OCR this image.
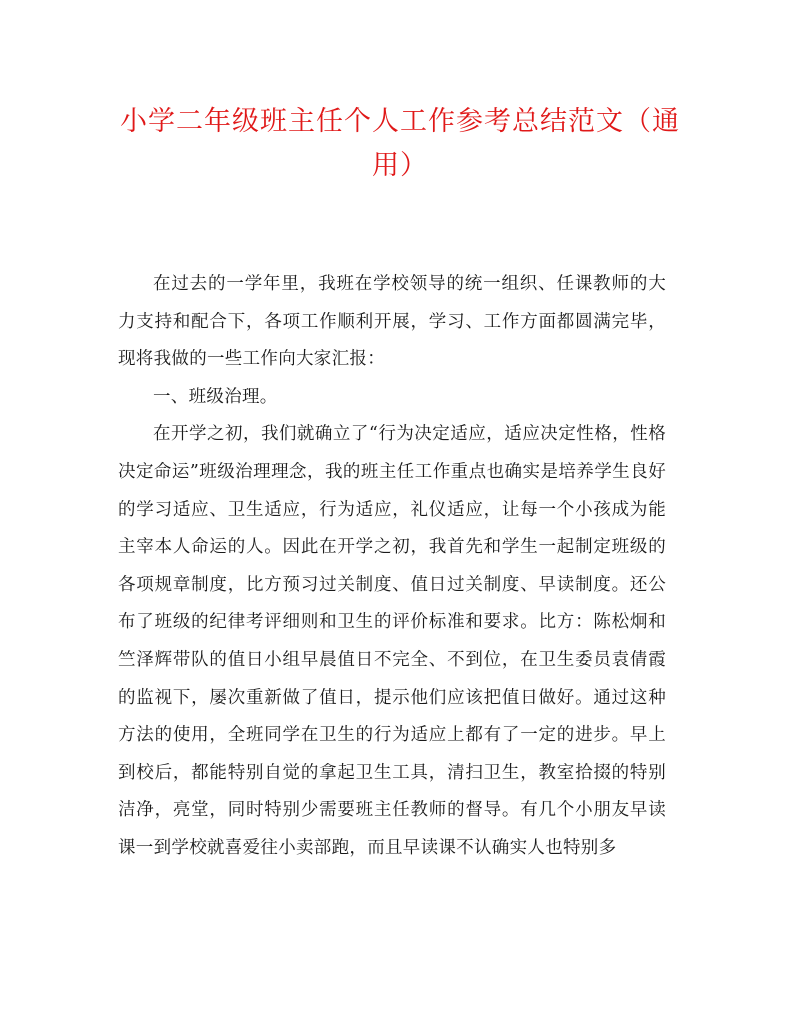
小学二年级班主任个人工作参考总结范文（通用）

在过去的一学年里，我班在学校领导的统一组织、任课教师的大力支持和配合下，各项工作顺利开展，学习、工作方面都圆满完毕，现将我做的一些工作向大家汇报：

一、班级治理。

在开学之初，我们就确立了“行为决定适应，适应决定性格，性格决定命运”班级治理理念，我的班主任工作重点也确实是培养学生良好的学习适应、卫生适应，行为适应，礼仪适应，让每一个小孩成为能主宰本人命运的人。因此在开学之初，我首先和学生一起制定班级的各项规章制度，比方预习过关制度、值日过关制度、早读制度。还公布了班级的纪律考评细则和卫生的评价标准和要求。比方：陈松炯和竺泽辉带队的值日小组早晨值日不完全、不到位，在卫生委员袁倩霞的监视下，屡次重新做了值日，提示他们应该把值日做好。通过这种方法的使用，全班同学在卫生的行为适应上都有了一定的进步。早上到校后，都能特别自觉的拿起卫生工具，清扫卫生，教室拾掇的特别洁净，亮堂，同时特别少需要班主任教师的督导。有几个小朋友早读课一到学校就喜爱往小卖部跑，而且早读课不认确实人也特别多
